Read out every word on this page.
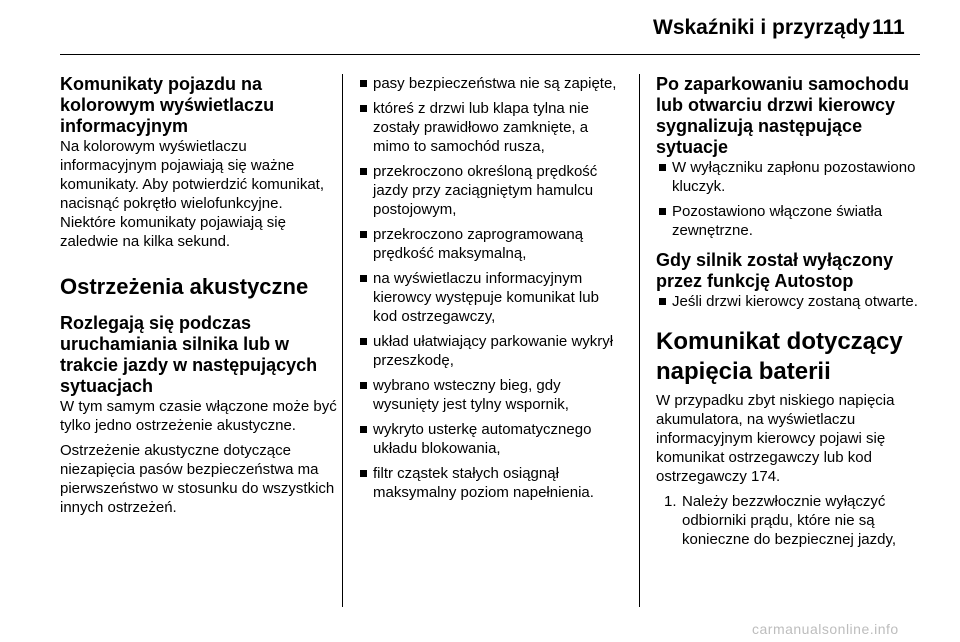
Wskaźniki i przyrządy 111
Komunikaty pojazdu na kolorowym wyświetlaczu informacyjnym
Na kolorowym wyświetlaczu informacyjnym pojawiają się ważne komunikaty. Aby potwierdzić komunikat, nacisnąć pokrętło wielofunkcyjne. Niektóre komunikaty pojawiają się zaledwie na kilka sekund.
Ostrzeżenia akustyczne
Rozlegają się podczas uruchamiania silnika lub w trakcie jazdy w następujących sytuacjach
W tym samym czasie włączone może być tylko jedno ostrzeżenie akustyczne.
Ostrzeżenie akustyczne dotyczące niezapięcia pasów bezpieczeństwa ma pierwszeństwo w stosunku do wszystkich innych ostrzeżeń.
pasy bezpieczeństwa nie są zapięte,
któreś z drzwi lub klapa tylna nie zostały prawidłowo zamknięte, a mimo to samochód rusza,
przekroczono określoną prędkość jazdy przy zaciągniętym hamulcu postojowym,
przekroczono zaprogramowaną prędkość maksymalną,
na wyświetlaczu informacyjnym kierowcy występuje komunikat lub kod ostrzegawczy,
układ ułatwiający parkowanie wykrył przeszkodę,
wybrano wsteczny bieg, gdy wysunięty jest tylny wspornik,
wykryto usterkę automatycznego układu blokowania,
filtr cząstek stałych osiągnął maksymalny poziom napełnienia.
Po zaparkowaniu samochodu lub otwarciu drzwi kierowcy sygnalizują następujące sytuacje
W wyłączniku zapłonu pozostawiono kluczyk.
Pozostawiono włączone światła zewnętrzne.
Gdy silnik został wyłączony przez funkcję Autostop
Jeśli drzwi kierowcy zostaną otwarte.
Komunikat dotyczący napięcia baterii
W przypadku zbyt niskiego napięcia akumulatora, na wyświetlaczu informacyjnym kierowcy pojawi się komunikat ostrzegawczy lub kod ostrzegawczy 174.
1. Należy bezzwłocznie wyłączyć odbiorniki prądu, które nie są konieczne do bezpiecznej jazdy,
carmanualsonline.info
